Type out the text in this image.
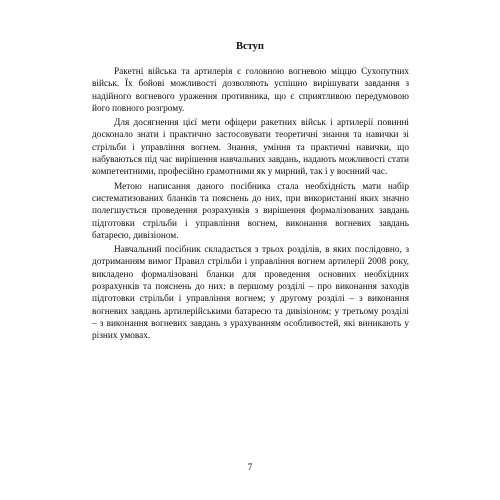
Вступ

Ракетні війська та артилерія є головною вогневою міццю Сухопутних військ. Їх бойові можливості дозволяють успішно вирішувати завдання з надійного вогневого ураження противника, що є сприятливою передумовою його повного розгрому.

Для досягнення цієї мети офіцери ракетних військ і артилерії повинні досконало знати і практично застосовувати теоретичні знання та навички зі стрільби і управління вогнем. Знання, уміння та практичні навички, що набуваються під час вирішення навчальних завдань, надають можливості стати компетентними, професійно грамотними як у мирний, так і у воєнний час.

Метою написання даного посібника стала необхідність мати набір систематизованих бланків та пояснень до них, при використанні яких значно полегшується проведення розрахунків з вирішення формалізованих завдань підготовки стрільби і управління вогнем, виконання вогневих завдань батареєю, дивізіоном.

Навчальний посібник складається з трьох розділів, в яких послідовно, з дотриманням вимог Правил стрільби і управління вогнем артилерії 2008 року, викладено формалізовані бланки для проведення основних необхідних розрахунків та пояснень до них: в першому розділі – про виконання заходів підготовки стрільби і управління вогнем; у другому розділі – з виконання вогневих завдань артилерійськими батареєю та дивізіоном; у третьому розділі – з виконання вогневих завдань з урахуванням особливостей, які виникають у різних умовах.

7
